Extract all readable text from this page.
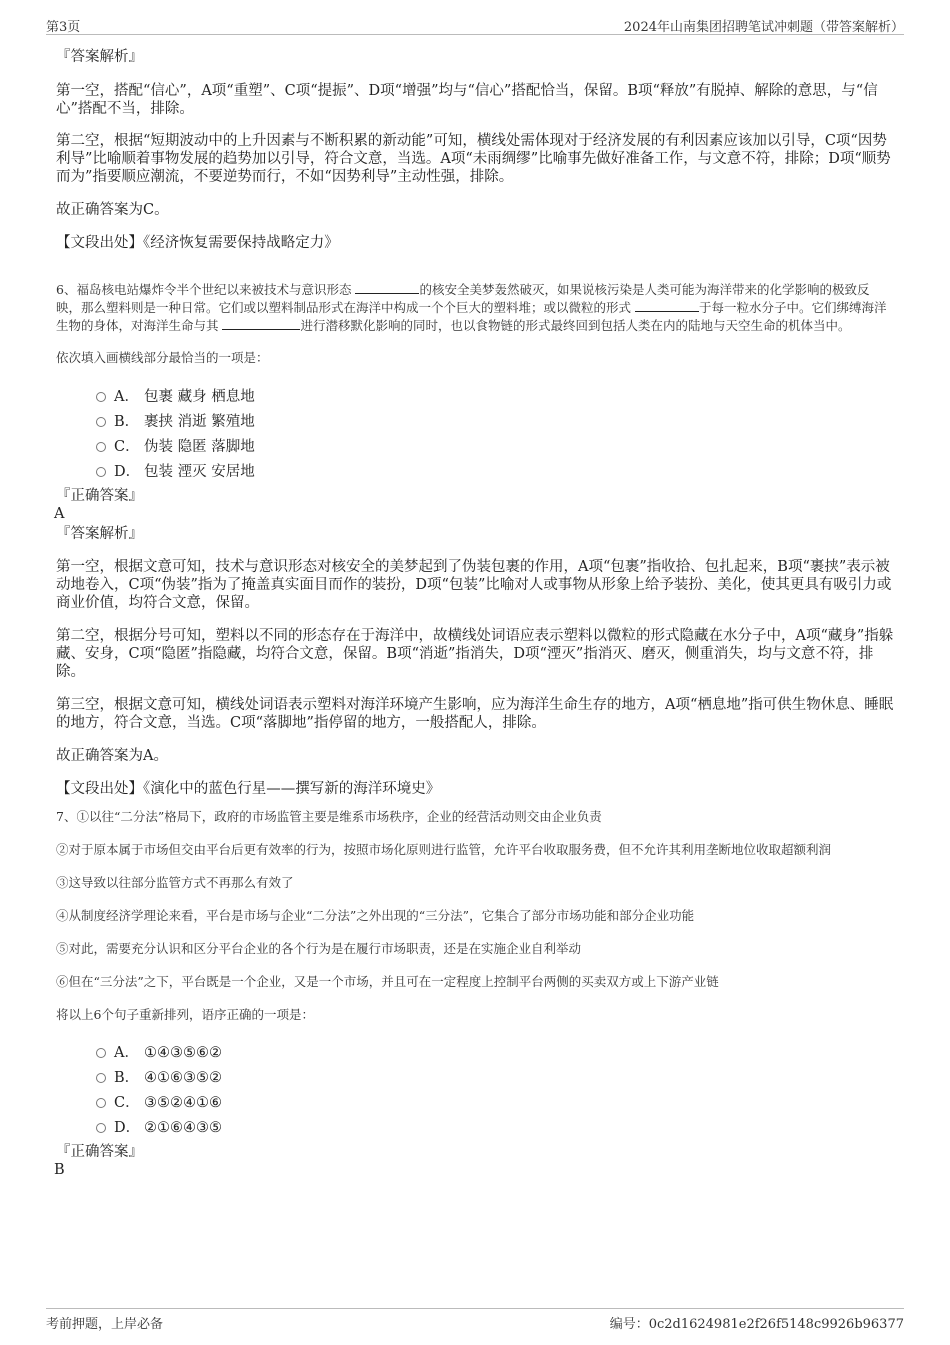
第3页	2024年山南集团招聘笔试冲刺题（带答案解析）

『答案解析』

第一空，搭配“信心”，A项“重塑”、C项“提振”、D项“增强”均与“信心”搭配恰当，保留。B项“释放”有脱掉、解除的意思，与“信心”搭配不当，排除。

第二空，根据“短期波动中的上升因素与不断积累的新动能”可知，横线处需体现对于经济发展的有利因素应该加以引导，C项“因势利导”比喻顺着事物发展的趋势加以引导，符合文意，当选。A项“未雨绸缪”比喻事先做好准备工作，与文意不符，排除；D项“顺势而为”指要顺应潮流，不要逆势而行，不如“因势利导”主动性强，排除。

故正确答案为C。

【文段出处】《经济恢复需要保持战略定力》

6、福岛核电站爆炸令半个世纪以来被技术与意识形态	的核安全美梦轰然破灭，如果说核污染是人类可能为海洋带来的化学影响的极致反映，那么塑料则是一种日常。它们或以塑料制品形式在海洋中构成一个个巨大的塑料堆；或以微粒的形式	于每一粒水分子中。它们绑缚海洋生物的身体，对海洋生命与其	进行潜移默化影响的同时，也以食物链的形式最终回到包括人类在内的陆地与天空生命的机体当中。

依次填入画横线部分最恰当的一项是：

A． 包裹 藏身 栖息地
B． 裹挟 消逝 繁殖地
C． 伪装 隐匿 落脚地
D． 包装 湮灭 安居地

『正确答案』

A

『答案解析』

第一空，根据文意可知，技术与意识形态对核安全的美梦起到了伪装包裹的作用，A项“包裹”指收拾、包扎起来，B项“裹挟”表示被动地卷入，C项“伪装”指为了掩盖真实面目而作的装扮，D项“包装”比喻对人或事物从形象上给予装扮、美化，使其更具有吸引力或商业价值，均符合文意，保留。

第二空，根据分号可知，塑料以不同的形态存在于海洋中，故横线处词语应表示塑料以微粒的形式隐藏在水分子中，A项“藏身”指躲藏、安身，C项“隐匿”指隐藏，均符合文意，保留。B项“消逝”指消失，D项“湮灭”指消灭、磨灭，侧重消失，均与文意不符，排除。

第三空，根据文意可知，横线处词语表示塑料对海洋环境产生影响，应为海洋生命生存的地方，A项“栖息地”指可供生物休息、睡眠的地方，符合文意，当选。C项“落脚地”指停留的地方，一般搭配人，排除。

故正确答案为A。

【文段出处】《演化中的蓝色行星——撰写新的海洋环境史》

7、①以往“二分法”格局下，政府的市场监管主要是维系市场秩序，企业的经营活动则交由企业负责

②对于原本属于市场但交由平台后更有效率的行为，按照市场化原则进行监管，允许平台收取服务费，但不允许其利用垄断地位收取超额利润

③这导致以往部分监管方式不再那么有效了

④从制度经济学理论来看，平台是市场与企业“二分法”之外出现的“三分法”，它集合了部分市场功能和部分企业功能

⑤对此，需要充分认识和区分平台企业的各个行为是在履行市场职责，还是在实施企业自利举动

⑥但在“三分法”之下，平台既是一个企业，又是一个市场，并且可在一定程度上控制平台两侧的买卖双方或上下游产业链

将以上6个句子重新排列，语序正确的一项是：

A． ①④③⑤⑥②
B． ④①⑥③⑤②
C． ③⑤②④①⑥
D． ②①⑥④③⑤

『正确答案』

B

考前押题，上岸必备	编号：0c2d1624981e2f26f5148c9926b96377
